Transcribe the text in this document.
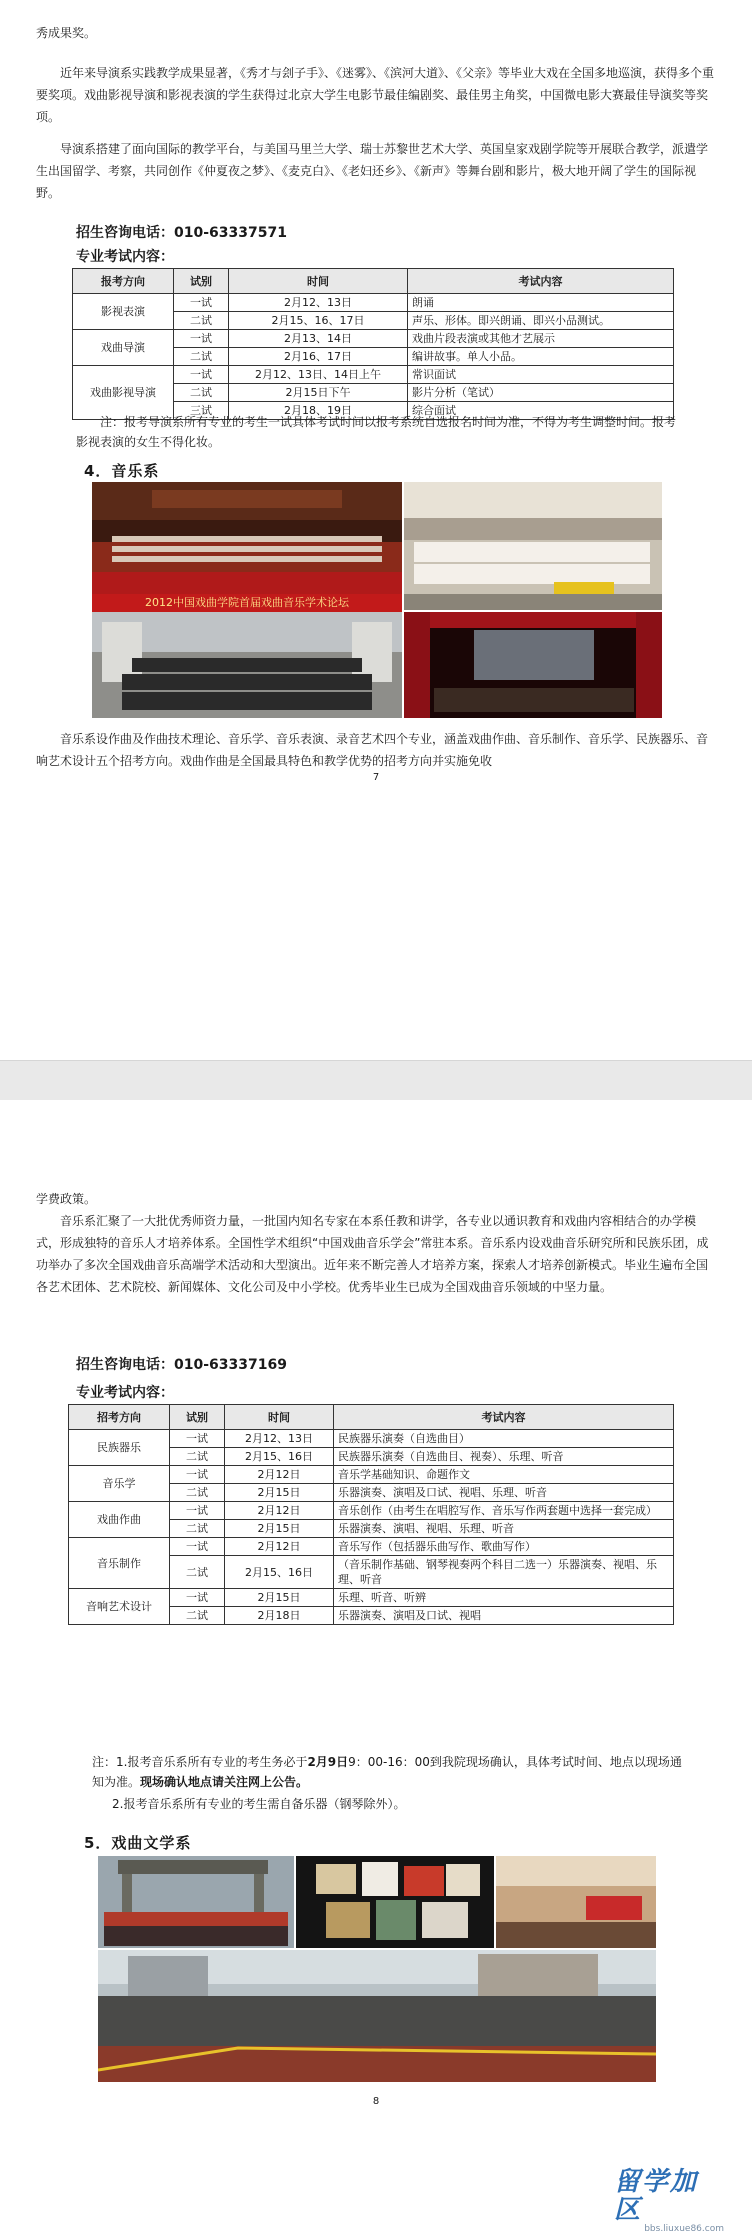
秀成果奖。

近年来导演系实践教学成果显著，《秀才与刽子手》、《迷雾》、《滨河大道》、《父亲》等毕业大戏在全国多地巡演，获得多个重要奖项。戏曲影视导演和影视表演的学生获得过北京大学生电影节最佳编剧奖、最佳男主角奖，中国微电影大赛最佳导演奖等奖项。

导演系搭建了面向国际的教学平台，与美国马里兰大学、瑞士苏黎世艺术大学、英国皇家戏剧学院等开展联合教学，派遣学生出国留学、考察，共同创作《仲夏夜之梦》、《麦克白》、《老妇还乡》、《新声》等舞台剧和影片，极大地开阔了学生的国际视野。

招生咨询电话：010-63337571
专业考试内容：
报考方向	试别	时间	考试内容
影视表演	一试	2月12、13日	朗诵
	二试	2月15、16、17日	声乐、形体。即兴朗诵、即兴小品测试。
戏曲导演	一试	2月13、14日	戏曲片段表演或其他才艺展示
	二试	2月16、17日	编讲故事。单人小品。
戏曲影视导演	一试	2月12、13日、14日上午	常识面试
	二试	2月15日下午	影片分析（笔试）
	三试	2月18、19日	综合面试
注：报考导演系所有专业的考生一试具体考试时间以报考系统自选报名时间为准，不得为考生调整时间。报考影视表演的女生不得化妆。
4．音乐系
2012中国戏曲学院首届戏曲音乐学术论坛

音乐系设作曲及作曲技术理论、音乐学、音乐表演、录音艺术四个专业，涵盖戏曲作曲、音乐制作、音乐学、民族器乐、音响艺术设计五个招考方向。戏曲作曲是全国最具特色和教学优势的招考方向并实施免收

7

学费政策。

音乐系汇聚了一大批优秀师资力量，一批国内知名专家在本系任教和讲学，各专业以通识教育和戏曲内容相结合的办学模式，形成独特的音乐人才培养体系。全国性学术组织“中国戏曲音乐学会”常驻本系。音乐系内设戏曲音乐研究所和民族乐团，成功举办了多次全国戏曲音乐高端学术活动和大型演出。近年来不断完善人才培养方案，探索人才培养创新模式。毕业生遍布全国各艺术团体、艺术院校、新闻媒体、文化公司及中小学校。优秀毕业生已成为全国戏曲音乐领域的中坚力量。

招生咨询电话：010-63337169
专业考试内容：
招考方向	试别	时间	考试内容
民族器乐	一试	2月12、13日	民族器乐演奏（自选曲目）
	二试	2月15、16日	民族器乐演奏（自选曲目、视奏）、乐理、听音
音乐学	一试	2月12日	音乐学基础知识、命题作文
	二试	2月15日	乐器演奏、演唱及口试、视唱、乐理、听音
戏曲作曲	一试	2月12日	音乐创作（由考生在唱腔写作、音乐写作两套题中选择一套完成）
	二试	2月15日	乐器演奏、演唱、视唱、乐理、听音
音乐制作	一试	2月12日	音乐写作（包括器乐曲写作、歌曲写作）
	二试	2月15、16日	（音乐制作基础、钢琴视奏两个科目二选一）乐器演奏、视唱、乐理、听音
音响艺术设计	一试	2月15日	乐理、听音、听辨
	二试	2月18日	乐器演奏、演唱及口试、视唱
注：1.报考音乐系所有专业的考生务必于2月9日9：00-16：00到我院现场确认，具体考试时间、地点以现场通知为准。现场确认地点请关注网上公告。
2.报考音乐系所有专业的考生需自备乐器（钢琴除外）。
5．戏曲文学系
8
留学加区
bbs.liuxue86.com
